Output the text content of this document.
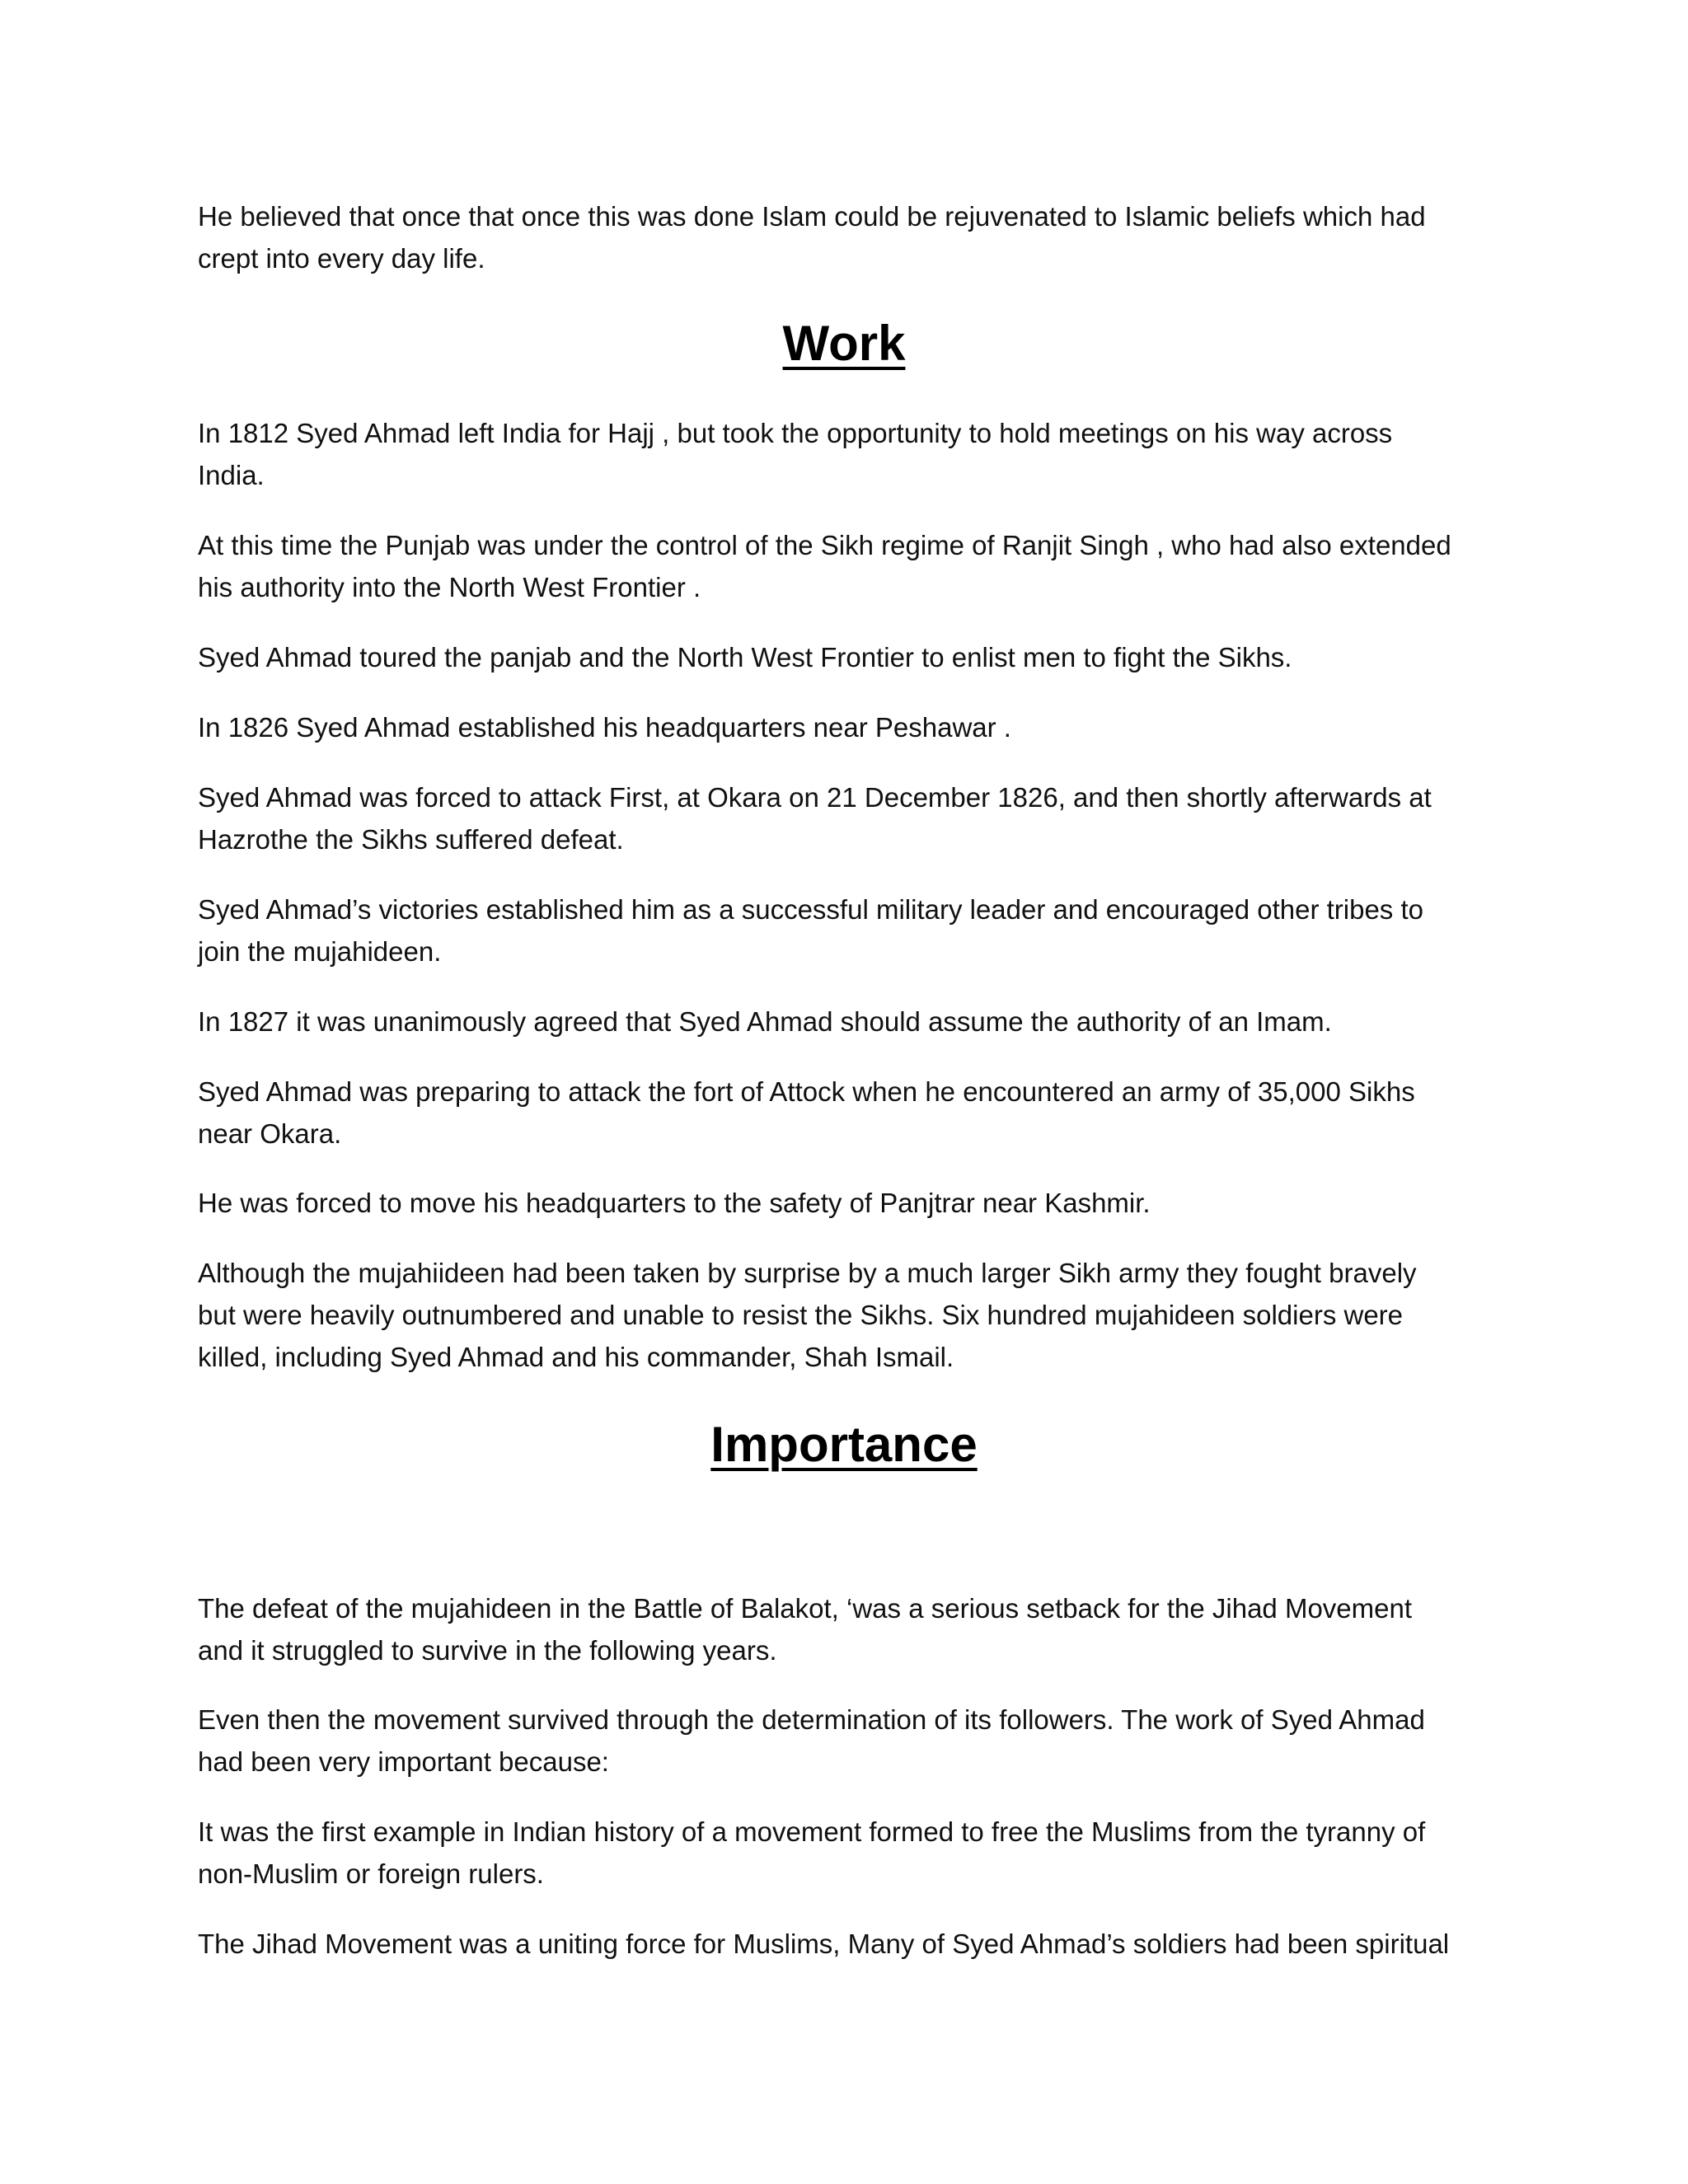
He believed that once that once this was done Islam could be rejuvenated to Islamic beliefs which had
crept into every day life.
Work
In 1812 Syed Ahmad left India for Hajj , but took the opportunity to hold meetings on his way across
India.
At this time the Punjab was under the control of the Sikh regime of Ranjit Singh , who had also extended
his authority into the North West Frontier .
Syed Ahmad toured the panjab and the North West Frontier to enlist men to fight the Sikhs.
In 1826 Syed Ahmad established his headquarters near Peshawar .
Syed Ahmad was forced to attack First, at Okara on 21 December 1826, and then shortly afterwards at
Hazrothe the Sikhs suffered defeat.
Syed Ahmad’s victories established him as a successful military leader and encouraged other tribes to
join the mujahideen.
In 1827 it was unanimously agreed that Syed Ahmad should assume the authority of an Imam.
Syed Ahmad was preparing to attack the fort of Attock when he encountered an army of 35,000 Sikhs
near Okara.
He was forced to move his headquarters to the safety of Panjtrar near Kashmir.
Although the mujahiideen had been taken by surprise by a much larger Sikh army they fought bravely
but were heavily outnumbered and unable to resist the Sikhs. Six hundred mujahideen soldiers were
killed, including Syed Ahmad and his commander, Shah Ismail.
Importance
The defeat of the mujahideen in the Battle of Balakot, ‘was a serious setback for the Jihad Movement
and it struggled to survive in the following years.
Even then the movement survived through the determination of its followers. The work of Syed Ahmad
had been very important because:
It was the first example in Indian history of a movement formed to free the Muslims from the tyranny of
non-Muslim or foreign rulers.
The Jihad Movement was a uniting force for Muslims, Many of Syed Ahmad’s soldiers had been spiritual
